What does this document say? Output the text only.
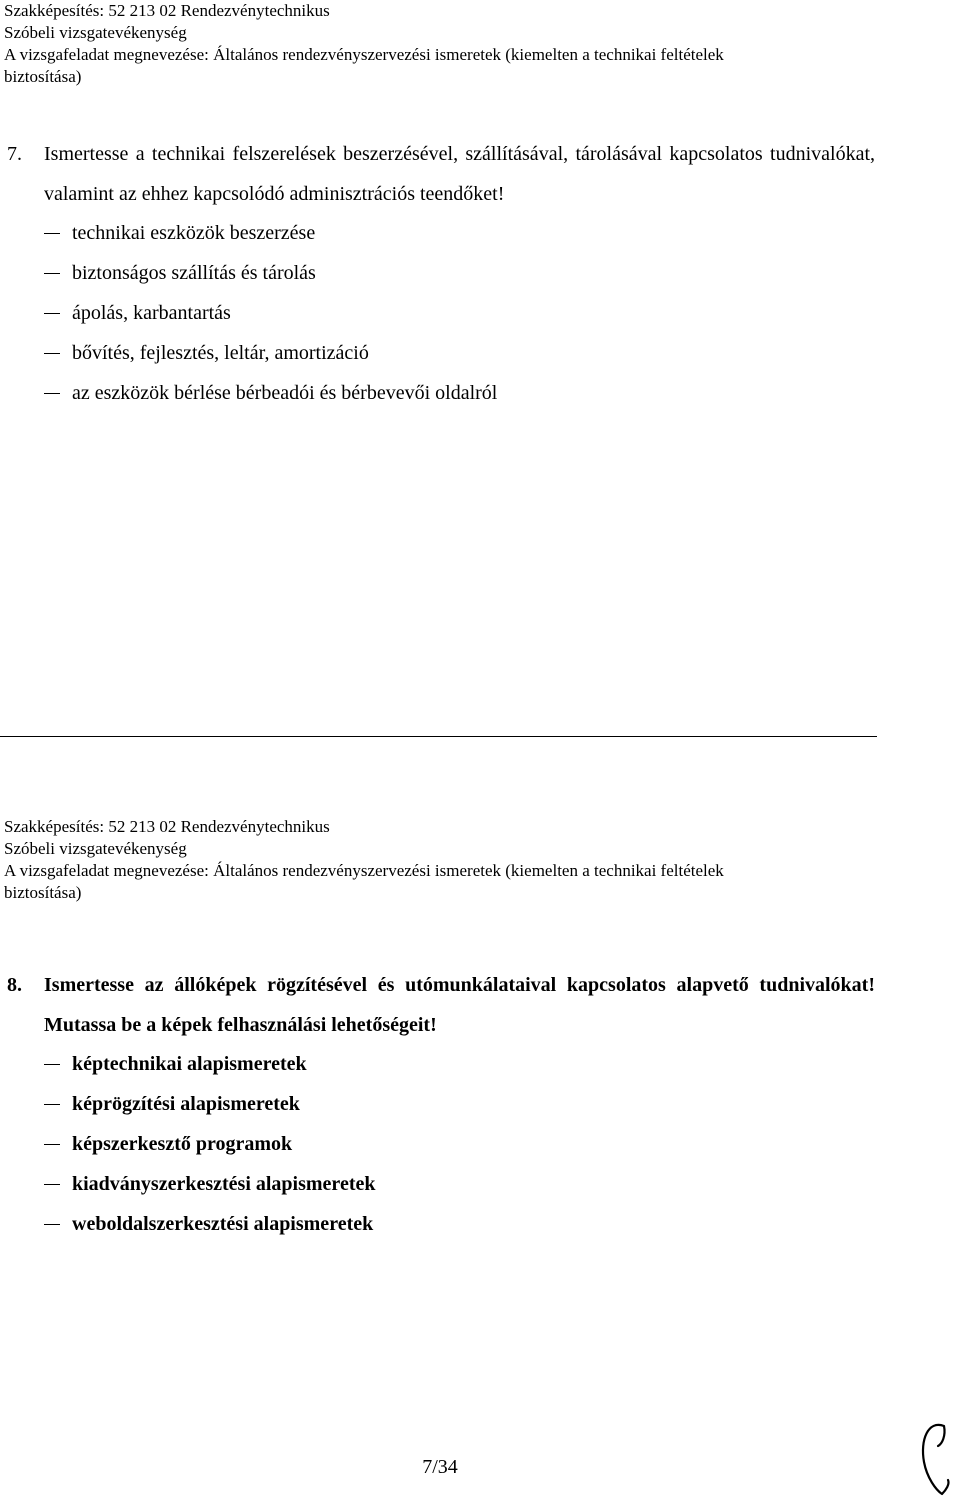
Szakképesítés: 52 213 02 Rendezvénytechnikus
Szóbeli vizsgatevékenység
A vizsgafeladat megnevezése: Általános rendezvényszervezési ismeretek (kiemelten a technikai feltételek
biztosítása)
7. Ismertesse a technikai felszerelések beszerzésével, szállításával, tárolásával kapcsolatos tudnivalókat, valamint az ehhez kapcsolódó adminisztrációs teendőket!
technikai eszközök beszerzése
biztonságos szállítás és tárolás
ápolás, karbantartás
bővítés, fejlesztés, leltár, amortizáció
az eszközök bérlése bérbeadói és bérbevevői oldalról
Szakképesítés: 52 213 02 Rendezvénytechnikus
Szóbeli vizsgatevékenység
A vizsgafeladat megnevezése: Általános rendezvényszervezési ismeretek (kiemelten a technikai feltételek
biztosítása)
8. Ismertesse az állóképek rögzítésével és utómunkálataival kapcsolatos alapvető tudnivalókat! Mutassa be a képek felhasználási lehetőségeit!
képtechnikai alapismeretek
képrögzítési alapismeretek
képszerkesztő programok
kiadványszerkesztési alapismeretek
weboldalszerkesztési alapismeretek
7/34
